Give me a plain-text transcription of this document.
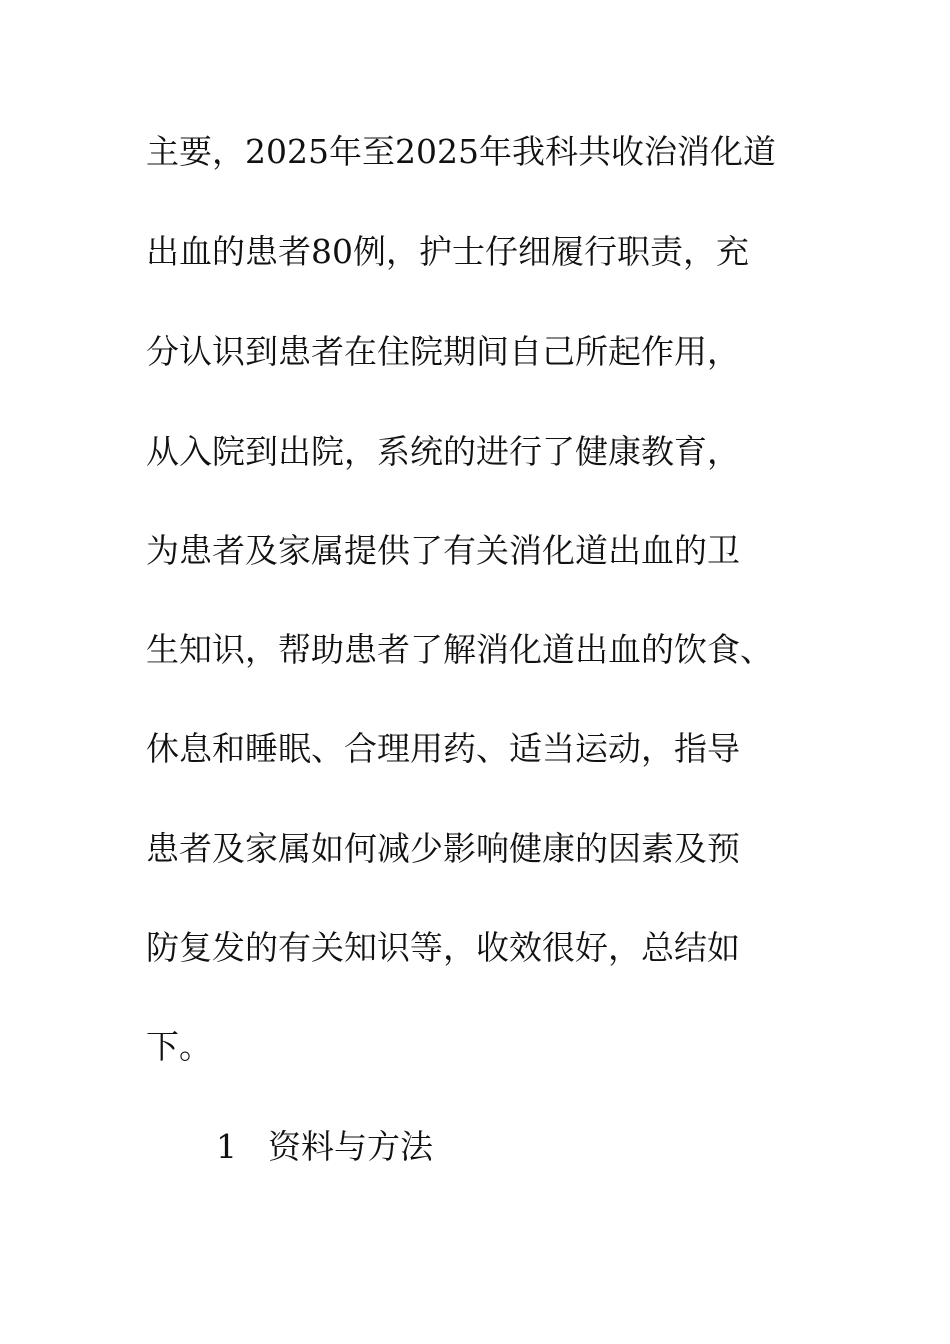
主要，2025年至2025年我科共收治消化道
出血的患者80例，护士仔细履行职责，充
分认识到患者在住院期间自己所起作用，
从入院到出院，系统的进行了健康教育，
为患者及家属提供了有关消化道出血的卫
生知识，帮助患者了解消化道出血的饮食、
休息和睡眠、合理用药、适当运动，指导
患者及家属如何减少影响健康的因素及预
防复发的有关知识等，收效很好，总结如
下。
1 资料与方法
